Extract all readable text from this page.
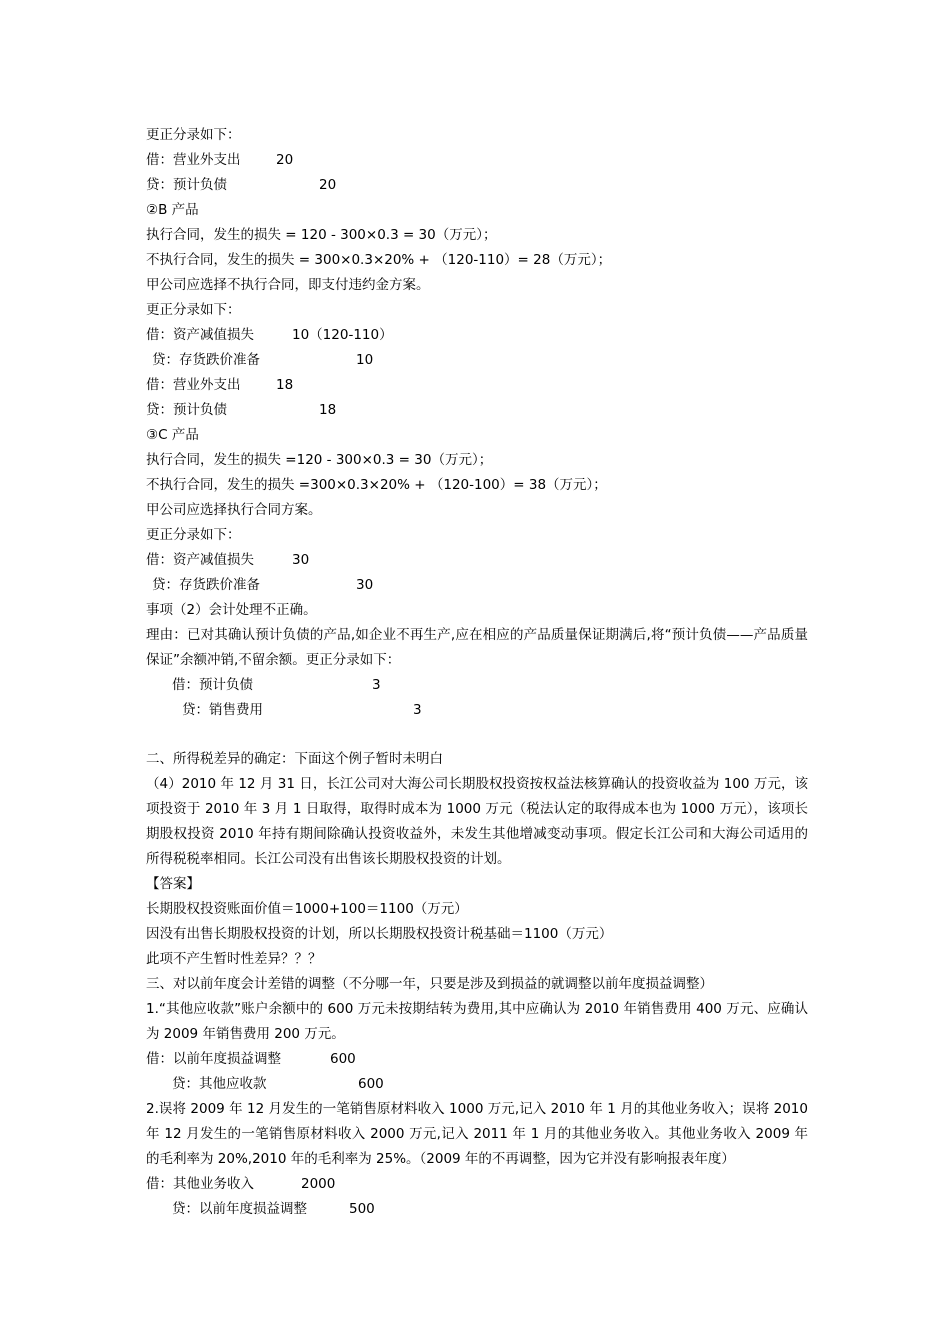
更正分录如下：
借：营业外支出	20
贷：预计负债	20
②B 产品
执行合同，发生的损失 = 120 - 300×0.3 = 30（万元）；
不执行合同，发生的损失 = 300×0.3×20% + （120-110）= 28（万元）；
甲公司应选择不执行合同，即支付违约金方案。
更正分录如下：
借：资产减值损失	10（120-110）
贷：存货跌价准备	10
借：营业外支出	18
贷：预计负债	18
③C 产品
执行合同，发生的损失 =120 - 300×0.3 = 30（万元）；
不执行合同，发生的损失 =300×0.3×20% + （120-100）= 38（万元）；
甲公司应选择执行合同方案。
更正分录如下：
借：资产减值损失	30
贷：存货跌价准备	30
事项（2）会计处理不正确。
理由：已对其确认预计负债的产品,如企业不再生产,应在相应的产品质量保证期满后,将“预计负债——产品质量保证”余额冲销,不留余额。更正分录如下：
借：预计负债	3
贷：销售费用	3
二、所得税差异的确定：下面这个例子暂时未明白
（4）2010 年 12 月 31 日，长江公司对大海公司长期股权投资按权益法核算确认的投资收益为 100 万元，该项投资于 2010 年 3 月 1 日取得，取得时成本为 1000 万元（税法认定的取得成本也为 1000 万元），该项长期股权投资 2010 年持有期间除确认投资收益外，未发生其他增减变动事项。假定长江公司和大海公司适用的所得税税率相同。长江公司没有出售该长期股权投资的计划。
【答案】
长期股权投资账面价值＝1000+100＝1100（万元）
因没有出售长期股权投资的计划，所以长期股权投资计税基础＝1100（万元）
此项不产生暂时性差异？？？
三、对以前年度会计差错的调整（不分哪一年，只要是涉及到损益的就调整以前年度损益调整）
1.“其他应收款”账户余额中的 600 万元未按期结转为费用,其中应确认为 2010 年销售费用 400 万元、应确认为 2009 年销售费用 200 万元。
借：以前年度损益调整	600
贷：其他应收款	600
2.误将 2009 年 12 月发生的一笔销售原材料收入 1000 万元,记入 2010 年 1 月的其他业务收入；误将 2010 年 12 月发生的一笔销售原材料收入 2000 万元,记入 2011 年 1 月的其他业务收入。其他业务收入 2009 年的毛利率为 20%,2010 年的毛利率为 25%。（2009 年的不再调整，因为它并没有影响报表年度）
借：其他业务收入	2000
贷：以前年度损益调整	500
